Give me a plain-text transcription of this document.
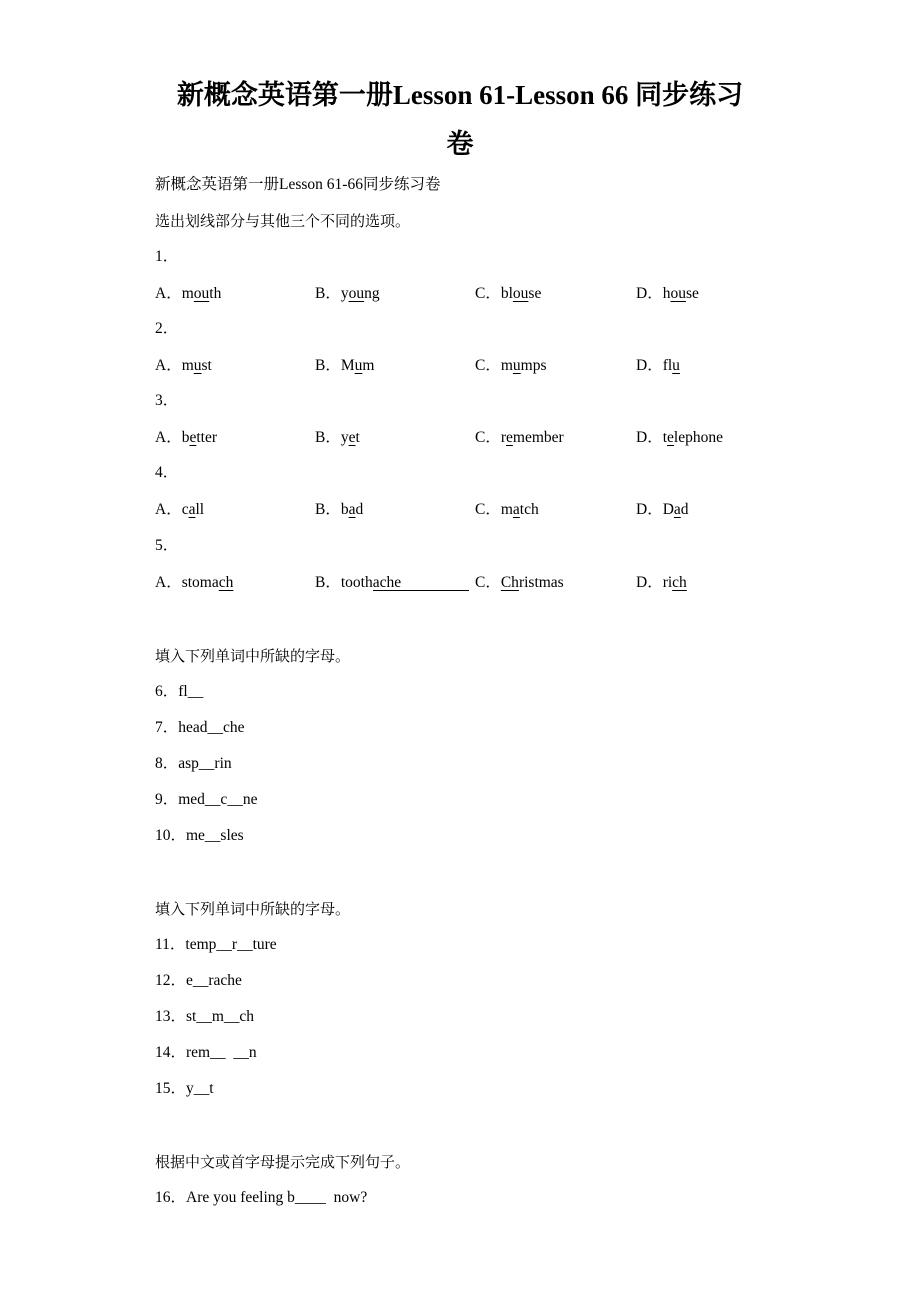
新概念英语第一册Lesson 61-Lesson 66 同步练习
卷
新概念英语第一册Lesson 61-66同步练习卷
选出划线部分与其他三个不同的选项。
1．
A．mouth	B．young	C．blouse	D．house
2．
A．must	B．Mum	C．mumps	D．flu
3．
A．better	B．yet	C．remember	D．telephone
4．
A．call	B．bad	C．match	D．Dad
5．
A．stomach	B．toothache	C．Christmas	D．rich
填入下列单词中所缺的字母。
6．fl__
7．head__che
8．asp__rin
9．med__c__ne
10．me__sles
填入下列单词中所缺的字母。
11．temp__r__ture
12．e__rache
13．st__m__ch
14．rem__  __n
15．y__t
根据中文或首字母提示完成下列句子。
16．Are you feeling b____  now?
